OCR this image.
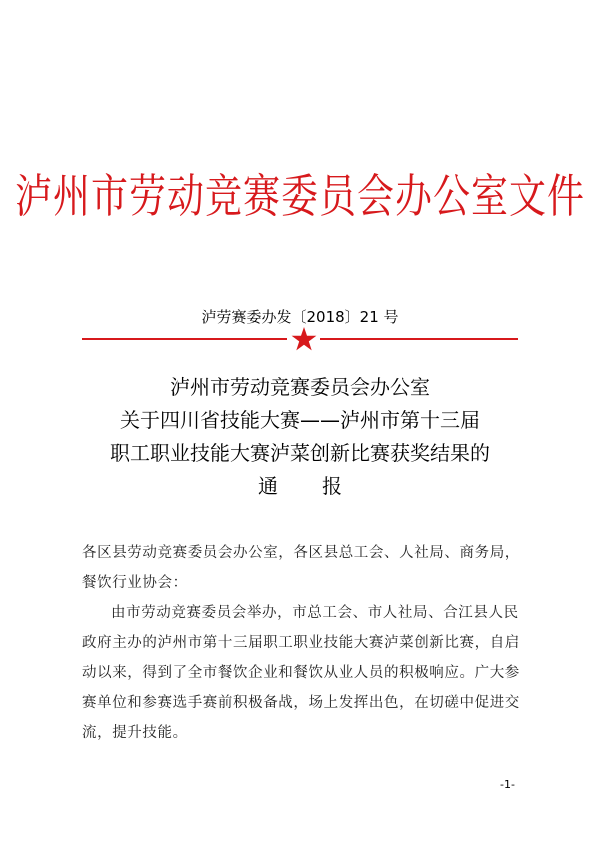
泸州市劳动竞赛委员会办公室文件
泸劳赛委办发〔2018〕21 号
泸州市劳动竞赛委员会办公室
关于四川省技能大赛——泸州市第十三届
职工职业技能大赛泸菜创新比赛获奖结果的
通报

各区县劳动竞赛委员会办公室，各区县总工会、人社局、商务局，餐饮行业协会：

由市劳动竞赛委员会举办，市总工会、市人社局、合江县人民政府主办的泸州市第十三届职工职业技能大赛泸菜创新比赛，自启动以来，得到了全市餐饮企业和餐饮从业人员的积极响应。广大参赛单位和参赛选手赛前积极备战，场上发挥出色，在切磋中促进交流，提升技能。

-1-
